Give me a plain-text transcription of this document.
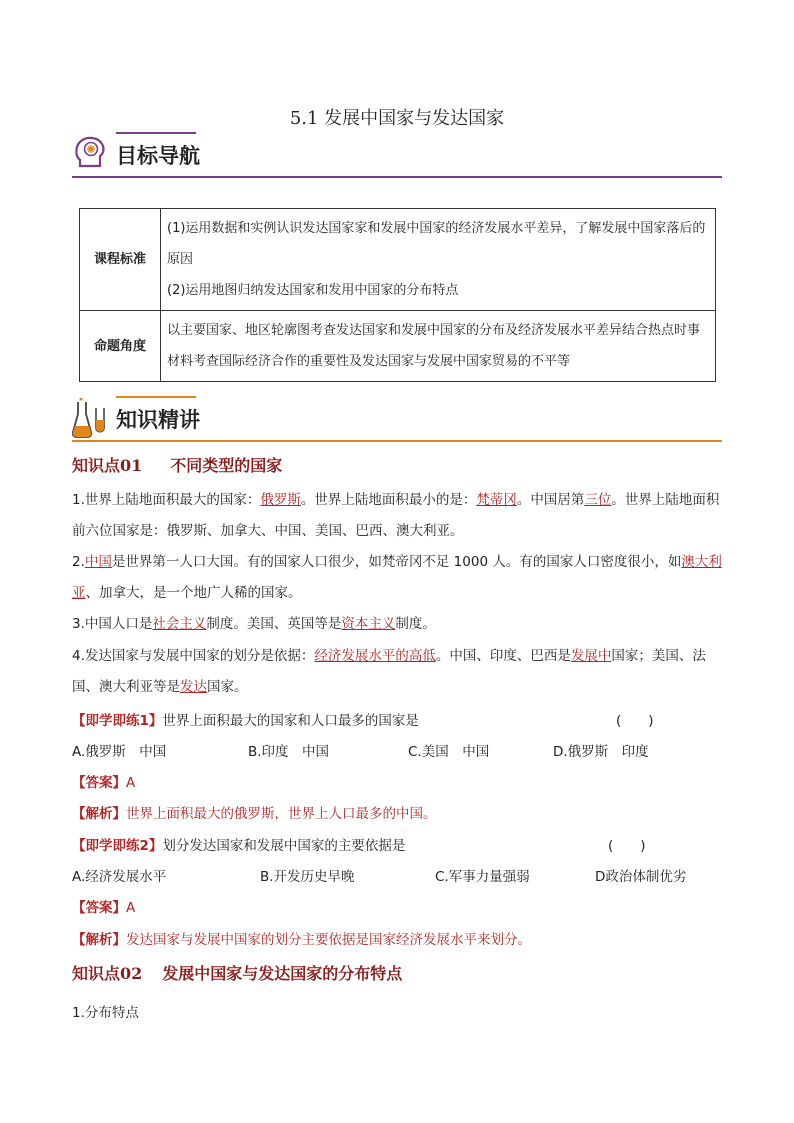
5.1 发展中国家与发达国家
目标导航
课程标准	(1)运用数据和实例认识发达国家家和发展中国家的经济发展水平差异，了解发展中国家落后的原因
(2)运用地图归纳发达国家和发用中国家的分布特点

命题角度	以主要国家、地区轮廓图考查发达国家和发展中国家的分布及经济发展水平差异结合热点时事材料考查国际经济合作的重要性及发达国家与发展中国家贸易的不平等
知识精讲
知识点01 不同类型的国家
1.世界上陆地面积最大的国家：俄罗斯。世界上陆地面积最小的是：梵蒂冈。中国居第三位。世界上陆地面积前六位国家是：俄罗斯、加拿大、中国、美国、巴西、澳大利亚。
2.中国是世界第一人口大国。有的国家人口很少，如梵帝冈不足 1000 人。有的国家人口密度很小，如澳大利亚、加拿大，是一个地广人稀的国家。
3.中国人口是社会主义制度。美国、英国等是资本主义制度。
4.发达国家与发展中国家的划分是依据：经济发展水平的高低。中国、印度、巴西是发展中国家；美国、法国、澳大利亚等是发达国家。
【即学即练1】世界上面积最大的国家和人口最多的国家是	(　　)
A.俄罗斯　中国	B.印度　中国	C.美国　中国	D.俄罗斯　印度
【答案】A
【解析】世界上面积最大的俄罗斯，世界上人口最多的中国。
【即学即练2】划分发达国家和发展中国家的主要依据是	(　　)
A.经济发展水平	B.开发历史早晚	C.军事力量强弱	D政治体制优劣
【答案】A
【解析】发达国家与发展中国家的划分主要依据是国家经济发展水平来划分。
知识点02 发展中国家与发达国家的分布特点
1.分布特点
